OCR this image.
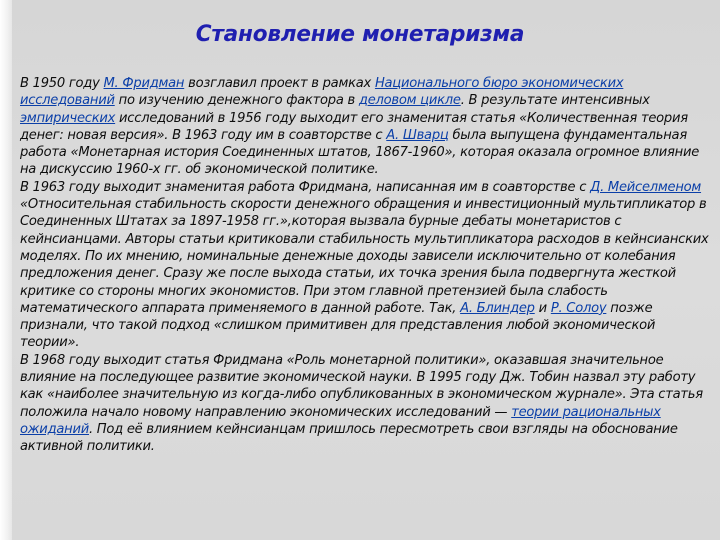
Становление монетаризма

В 1950 году М. Фридман возглавил проект в рамках Национального бюро экономических исследований по изучению денежного фактора в деловом цикле. В результате интенсивных эмпирических исследований в 1956 году выходит его знаменитая статья «Количественная теория денег: новая версия». В 1963 году им в соавторстве с А. Шварц была выпущена фундаментальная работа «Монетарная история Соединенных штатов, 1867-1960», которая оказала огромное влияние на дискуссию 1960-х гг. об экономической политике.

В 1963 году выходит знаменитая работа Фридмана, написанная им в соавторстве с Д. Мейселменом «Относительная стабильность скорости денежного обращения и инвестиционный мультипликатор в Соединенных Штатах за 1897-1958 гг.»,которая вызвала бурные дебаты монетаристов с кейнсианцами. Авторы статьи критиковали стабильность мультипликатора расходов в кейнсианских моделях. По их мнению, номинальные денежные доходы зависели исключительно от колебания предложения денег. Сразу же после выхода статьи, их точка зрения была подвергнута жесткой критике со стороны многих экономистов. При этом главной претензией была слабость математического аппарата применяемого в данной работе. Так, А. Блиндер и Р. Солоу позже признали, что такой подход «слишком примитивен для представления любой экономической теории».

В 1968 году выходит статья Фридмана «Роль монетарной политики», оказавшая значительное влияние на последующее развитие экономической науки. В 1995 году Дж. Тобин назвал эту работу как «наиболее значительную из когда-либо опубликованных в экономическом журнале». Эта статья положила начало новому направлению экономических исследований — теории рациональных ожиданий. Под её влиянием кейнсианцам пришлось пересмотреть свои взгляды на обоснование активной политики.
